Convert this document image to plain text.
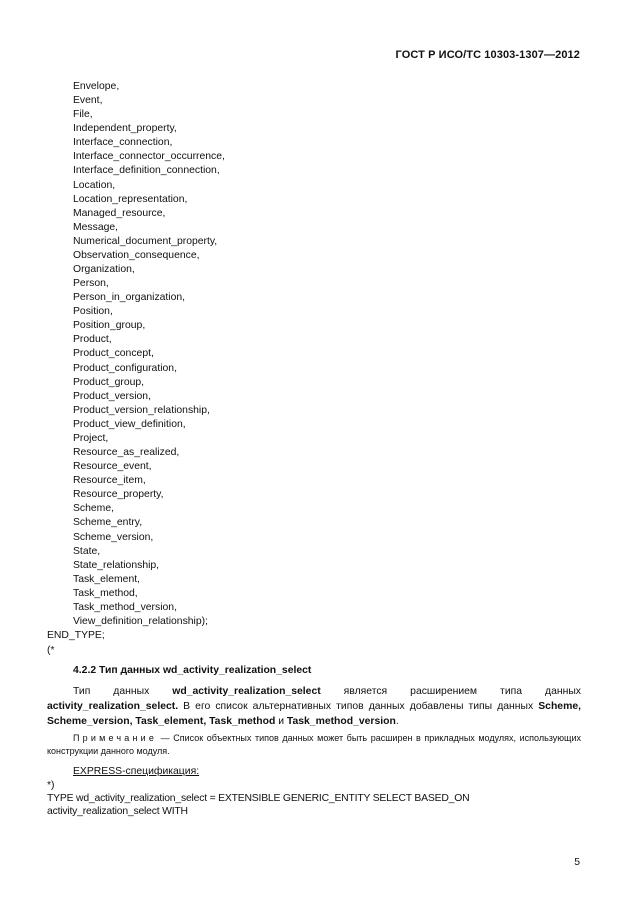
ГОСТ Р ИСО/ТС 10303-1307—2012
Envelope,
Event,
File,
Independent_property,
Interface_connection,
Interface_connector_occurrence,
Interface_definition_connection,
Location,
Location_representation,
Managed_resource,
Message,
Numerical_document_property,
Observation_consequence,
Organization,
Person,
Person_in_organization,
Position,
Position_group,
Product,
Product_concept,
Product_configuration,
Product_group,
Product_version,
Product_version_relationship,
Product_view_definition,
Project,
Resource_as_realized,
Resource_event,
Resource_item,
Resource_property,
Scheme,
Scheme_entry,
Scheme_version,
State,
State_relationship,
Task_element,
Task_method,
Task_method_version,
View_definition_relationship);
END_TYPE;
(*
4.2.2 Тип данных wd_activity_realization_select
Тип данных wd_activity_realization_select является расширением типа данных activity_realization_select. В его список альтернативных типов данных добавлены типы данных Scheme, Scheme_version, Task_element, Task_method и Task_method_version.
Примечание — Список объектных типов данных может быть расширен в прикладных модулях, использующих конструкции данного модуля.
EXPRESS-спецификация:
*)
TYPE wd_activity_realization_select = EXTENSIBLE GENERIC_ENTITY SELECT BASED_ON activity_realization_select WITH
5
